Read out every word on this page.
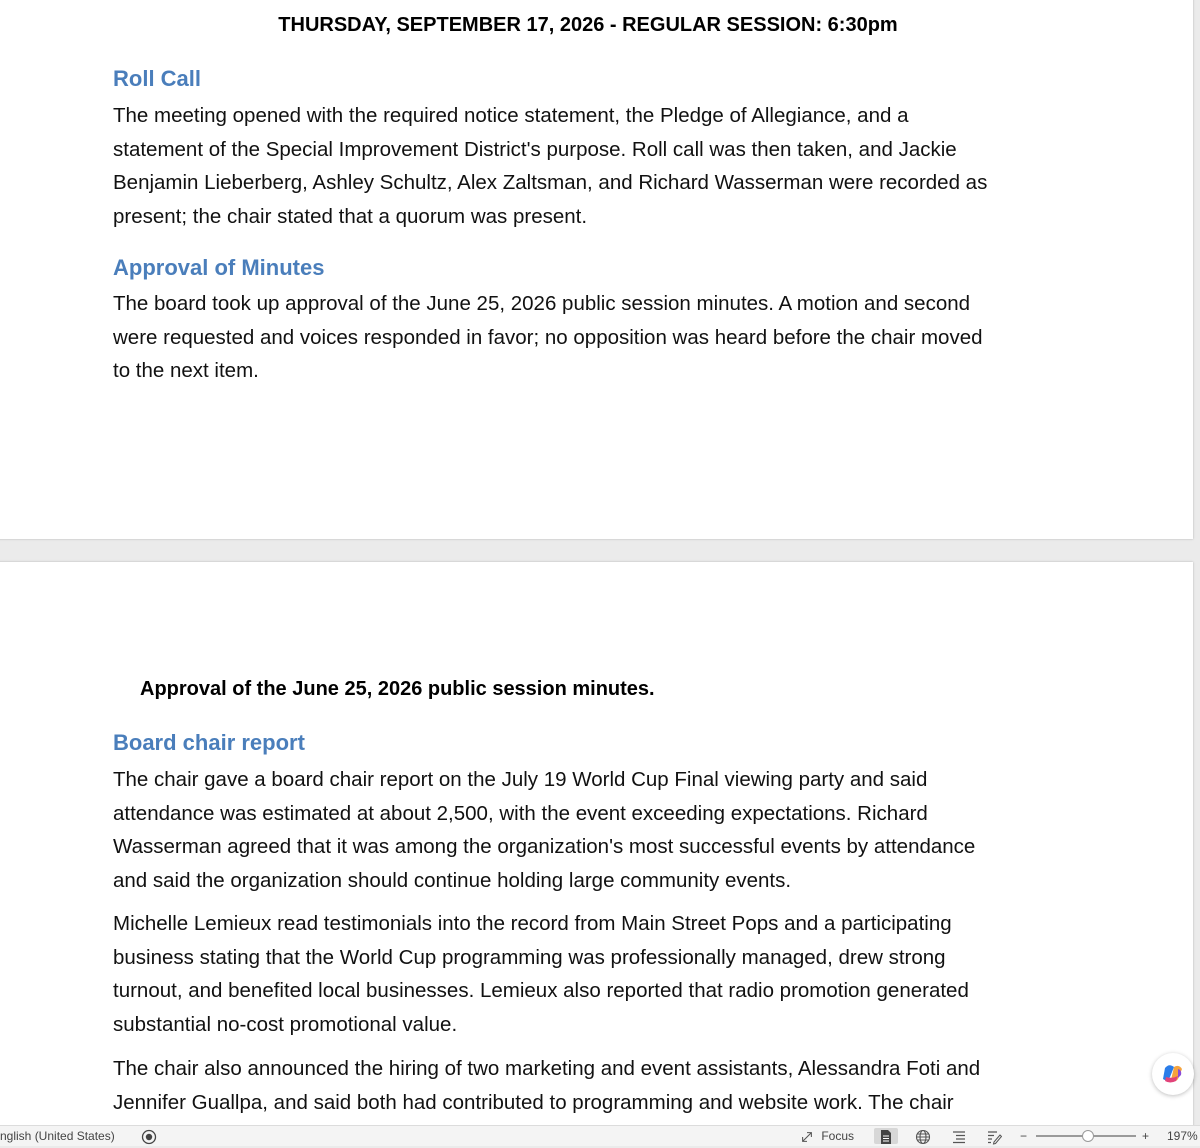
THURSDAY, SEPTEMBER 17, 2026 - REGULAR SESSION: 6:30pm
Roll Call
The meeting opened with the required notice statement, the Pledge of Allegiance, and a
statement of the Special Improvement District's purpose. Roll call was then taken, and Jackie
Benjamin Lieberberg, Ashley Schultz, Alex Zaltsman, and Richard Wasserman were recorded as
present; the chair stated that a quorum was present.
Approval of Minutes
The board took up approval of the June 25, 2026 public session minutes. A motion and second
were requested and voices responded in favor; no opposition was heard before the chair moved
to the next item.
Approval of the June 25, 2026 public session minutes.
Board chair report
The chair gave a board chair report on the July 19 World Cup Final viewing party and said
attendance was estimated at about 2,500, with the event exceeding expectations. Richard
Wasserman agreed that it was among the organization's most successful events by attendance
and said the organization should continue holding large community events.
Michelle Lemieux read testimonials into the record from Main Street Pops and a participating
business stating that the World Cup programming was professionally managed, drew strong
turnout, and benefited local businesses. Lemieux also reported that radio promotion generated
substantial no-cost promotional value.
The chair also announced the hiring of two marketing and event assistants, Alessandra Foti and
Jennifer Guallpa, and said both had contributed to programming and website work. The chair
nglish (United States)	Focus	−	+ 197%
